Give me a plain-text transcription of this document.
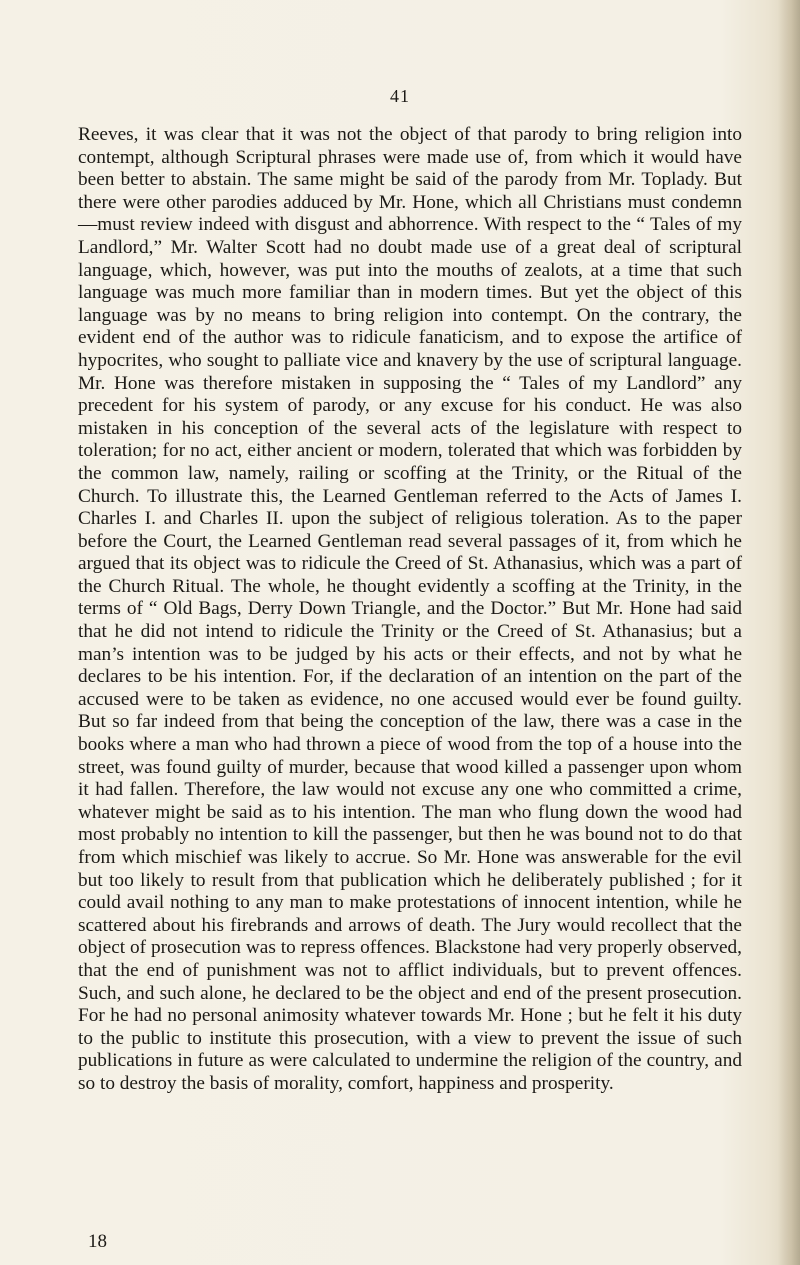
41

Reeves, it was clear that it was not the object of that parody to bring religion into contempt, although Scriptural phrases were made use of, from which it would have been better to abstain. The same might be said of the parody from Mr. Toplady. But there were other parodies adduced by Mr. Hone, which all Christians must condemn—must review indeed with disgust and abhorrence. With respect to the “ Tales of my Landlord,” Mr. Walter Scott had no doubt made use of a great deal of scriptural language, which, however, was put into the mouths of zealots, at a time that such language was much more familiar than in modern times. But yet the object of this language was by no means to bring religion into contempt. On the contrary, the evident end of the author was to ridicule fanaticism, and to expose the artifice of hypocrites, who sought to palliate vice and knavery by the use of scriptural language. Mr. Hone was therefore mistaken in supposing the “ Tales of my Landlord” any precedent for his system of parody, or any excuse for his conduct. He was also mistaken in his conception of the several acts of the legislature with respect to toleration; for no act, either ancient or modern, tolerated that which was forbidden by the common law, namely, railing or scoffing at the Trinity, or the Ritual of the Church. To illustrate this, the Learned Gentleman referred to the Acts of James I. Charles I. and Charles II. upon the subject of religious toleration. As to the paper before the Court, the Learned Gentleman read several passages of it, from which he argued that its object was to ridicule the Creed of St. Athanasius, which was a part of the Church Ritual. The whole, he thought evidently a scoffing at the Trinity, in the terms of “ Old Bags, Derry Down Triangle, and the Doctor.” But Mr. Hone had said that he did not intend to ridicule the Trinity or the Creed of St. Athanasius; but a man’s intention was to be judged by his acts or their effects, and not by what he declares to be his intention. For, if the declaration of an intention on the part of the accused were to be taken as evidence, no one accused would ever be found guilty. But so far indeed from that being the conception of the law, there was a case in the books where a man who had thrown a piece of wood from the top of a house into the street, was found guilty of murder, because that wood killed a passenger upon whom it had fallen. Therefore, the law would not excuse any one who committed a crime, whatever might be said as to his intention. The man who flung down the wood had most probably no intention to kill the passenger, but then he was bound not to do that from which mischief was likely to accrue. So Mr. Hone was answerable for the evil but too likely to result from that publication which he deliberately published ; for it could avail nothing to any man to make protestations of innocent intention, while he scattered about his firebrands and arrows of death. The Jury would recollect that the object of prosecution was to repress offences. Blackstone had very properly observed, that the end of punishment was not to afflict individuals, but to prevent offences. Such, and such alone, he declared to be the object and end of the present prosecution. For he had no personal animosity whatever towards Mr. Hone ; but he felt it his duty to the public to institute this prosecution, with a view to prevent the issue of such publications in future as were calculated to undermine the religion of the country, and so to destroy the basis of morality, comfort, happiness and prosperity.

18
